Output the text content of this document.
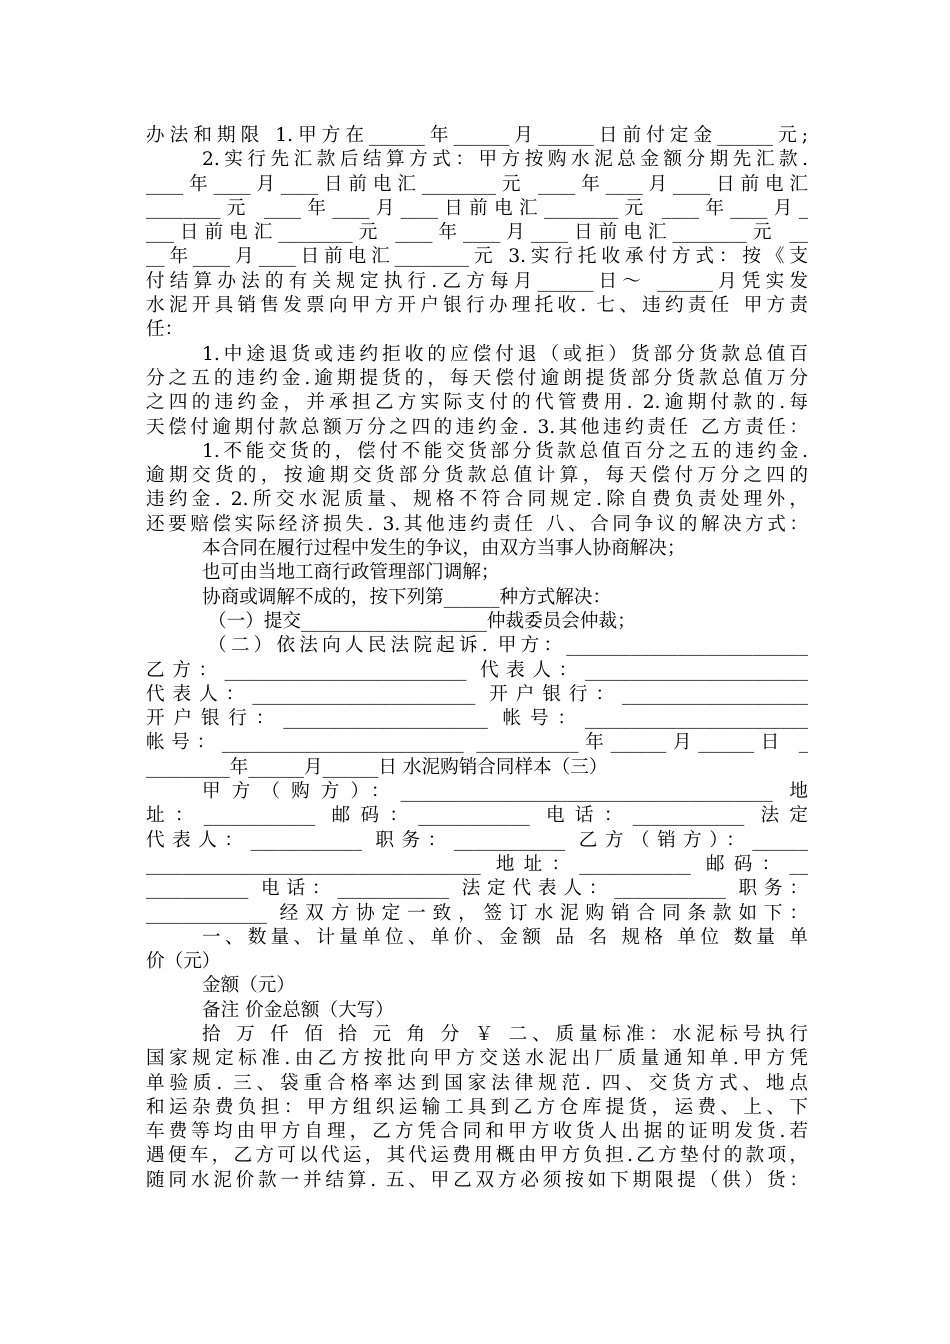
办法和期限 1.甲方在______年______月______日前付定金______元;
2.实行先汇款后结算方式：甲方按购水泥总金额分期先汇款.
____年____月____日前电汇________元 ____年____月____日前电汇
________元 ____年____月____日前电汇________元 ____年____月_
___日前电汇________元 ____年____月____日前电汇________元 __
__年____月____日前电汇________元 3.实行托收承付方式：按《支
付结算办法的有关规定执行.乙方每月______日～ ______月凭实发
水泥开具销售发票向甲方开户银行办理托收. 七、违约责任 甲方责
任：
1.中途退货或违约拒收的应偿付退（或拒）货部分货款总值百
分之五的违约金.逾期提货的，每天偿付逾朗提货部分货款总值万分
之四的违约金，并承担乙方实际支付的代管费用. 2.逾期付款的.每
天偿付逾期付款总额万分之四的违约金. 3.其他违约责任 乙方责任：
1.不能交货的，偿付不能交货部分货款总值百分之五的违约金.
逾期交货的，按逾期交货部分货款总值计算，每天偿付万分之四的
违约金. 2.所交水泥质量、规格不符合同规定.除自费负责处理外，
还要赔偿实际经济损失. 3.其他违约责任 八、合同争议的解决方式：
本合同在履行过程中发生的争议，由双方当事人协商解决；
也可由当地工商行政管理部门调解；
协商或调解不成的，按下列第______种方式解决：
（一）提交____________________仲裁委员会仲裁；
（二）依法向人民法院起诉. 甲方：__________________________
乙方：__________________________ 代表人：________________________
代表人：________________________ 开户银行：____________________
开户银行：______________________ 帐号：________________________
帐号：__________________________ ___________年______月______日 _
_________年______月______日 水泥购销合同样本（三）
甲方（购方）：________________________________________ 地
址：____________ 邮码：____________ 电话：____________ 法定
代表人：____________ 职务：____________ 乙方（销方）：______
____________________________________ 地址：____________ 邮码：__
___________ 电话：____________ 法定代表人：____________ 职务：
_____________ 经双方协定一致，签订水泥购销合同条款如下：
一、数量、计量单位、单价、金额 品 名 规格 单位 数量 单
价（元）
金额（元）
备注 价金总额（大写）
拾 万 仟 佰 拾 元 角 分 ￥ 二、质量标准：水泥标号执行
国家规定标准.由乙方按批向甲方交送水泥出厂质量通知单.甲方凭
单验质. 三、袋重合格率达到国家法律规范. 四、交货方式、地点
和运杂费负担：甲方组织运输工具到乙方仓库提货，运费、上、下
车费等均由甲方自理，乙方凭合同和甲方收货人出据的证明发货.若
遇便车，乙方可以代运，其代运费用概由甲方负担.乙方垫付的款项，
随同水泥价款一并结算. 五、甲乙双方必须按如下期限提（供）货：
